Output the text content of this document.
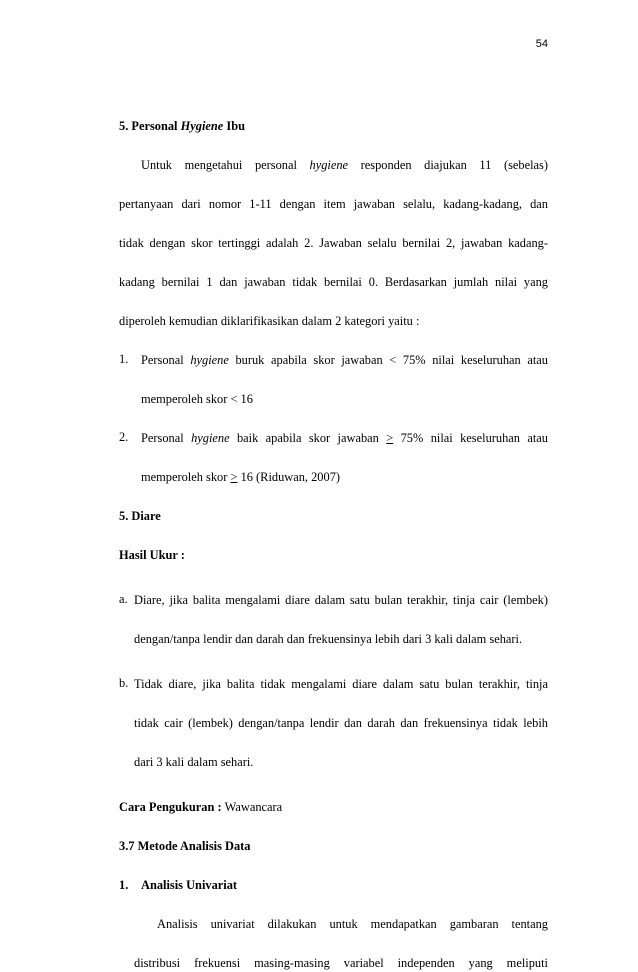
54

5. Personal Hygiene Ibu

Untuk mengetahui personal hygiene responden diajukan 11 (sebelas)

pertanyaan dari nomor 1-11 dengan item jawaban selalu, kadang-kadang, dan

tidak dengan skor tertinggi adalah 2. Jawaban selalu bernilai 2, jawaban kadang-

kadang bernilai 1 dan jawaban tidak bernilai 0. Berdasarkan jumlah nilai yang

diperoleh kemudian diklarifikasikan dalam 2 kategori yaitu :

1.	Personal hygiene buruk apabila skor jawaban < 75% nilai keseluruhan atau

memperoleh skor < 16

2.	Personal hygiene baik apabila skor jawaban ≥ 75% nilai keseluruhan atau

memperoleh skor ≥ 16 (Riduwan, 2007)

5. Diare

Hasil Ukur :

a. Diare, jika balita mengalami diare dalam satu bulan terakhir, tinja cair (lembek)

dengan/tanpa lendir dan darah dan frekuensinya lebih dari 3 kali dalam sehari.

b. Tidak diare, jika balita tidak mengalami diare dalam satu bulan terakhir, tinja

tidak cair (lembek) dengan/tanpa lendir dan darah dan frekuensinya tidak lebih

dari 3 kali dalam sehari.

Cara Pengukuran : Wawancara

3.7 Metode Analisis Data

1.	Analisis Univariat

Analisis univariat dilakukan untuk mendapatkan gambaran tentang

distribusi frekuensi masing-masing variabel independen yang meliputi
